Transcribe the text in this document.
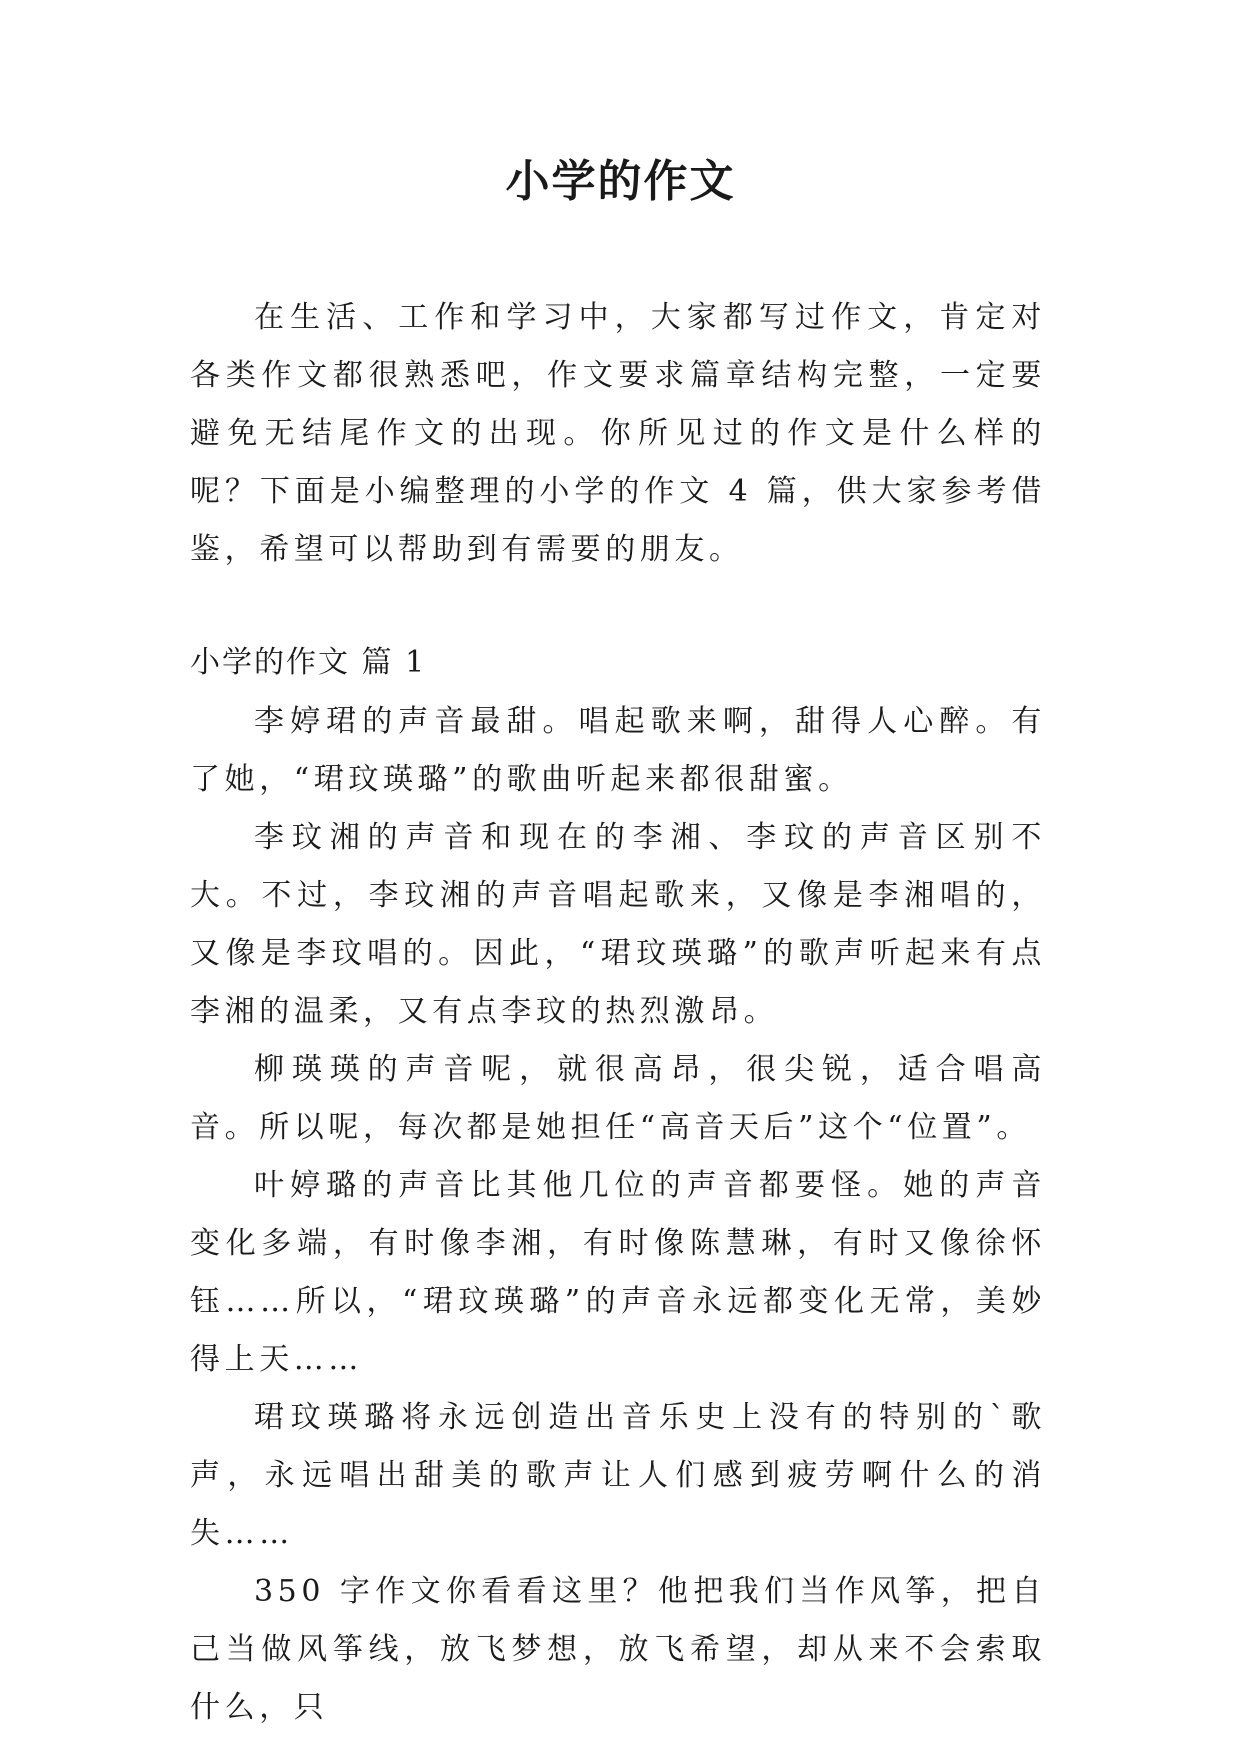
小学的作文

在生活、工作和学习中，大家都写过作文，肯定对各类作文都很熟悉吧，作文要求篇章结构完整，一定要避免无结尾作文的出现。你所见过的作文是什么样的呢？下面是小编整理的小学的作文 4 篇，供大家参考借鉴，希望可以帮助到有需要的朋友。

小学的作文 篇 1

李婷珺的声音最甜。唱起歌来啊，甜得人心醉。有了她，“珺玟瑛璐”的歌曲听起来都很甜蜜。

李玟湘的声音和现在的李湘、李玟的声音区别不大。不过，李玟湘的声音唱起歌来，又像是李湘唱的，又像是李玟唱的。因此，“珺玟瑛璐”的歌声听起来有点李湘的温柔，又有点李玟的热烈激昂。

柳瑛瑛的声音呢，就很高昂，很尖锐，适合唱高音。所以呢，每次都是她担任“高音天后”这个“位置”。

叶婷璐的声音比其他几位的声音都要怪。她的声音变化多端，有时像李湘，有时像陈慧琳，有时又像徐怀钰……所以，“珺玟瑛璐”的声音永远都变化无常，美妙得上天……

珺玟瑛璐将永远创造出音乐史上没有的特别的`歌声，永远唱出甜美的歌声让人们感到疲劳啊什么的消失……

350 字作文你看看这里？他把我们当作风筝，把自己当做风筝线，放飞梦想，放飞希望，却从来不会索取什么，只
